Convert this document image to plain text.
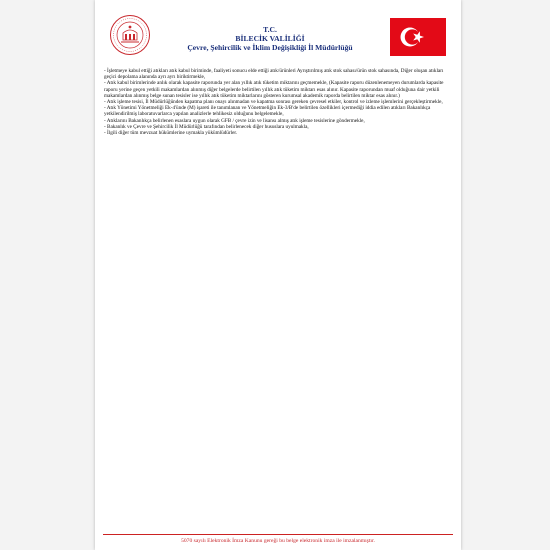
T.C.
BİLECİK VALİLİĞİ
Çevre, Şehircilik ve İklim Değişikliği İl Müdürlüğü

- İşletmeye kabul ettiği atıkları atık kabul biriminde, faaliyeti sonucu elde ettiği atık/ürünleri Ayrıştırılmış atık stok sahası/ürün stok sahasında, Diğer oluşan atıkları geçici depolama alanında ayrı ayrı biriktirmekle,

- Atık kabul birimlerinde anlık olarak kapasite raporunda yer alan yıllık atık tüketim miktarını geçmemekle, (Kapasite raporu düzenlenemeyen durumlarda kapasite raporu yerine geçen yetkili makamlardan alınmış diğer belgelerde belirtilen yıllık atık tüketim miktarı esas alınır. Kapasite raporundan muaf olduğuna dair yetkili makamlardan alınmış belge sunan tesisler ise yıllık atık tüketim miktarlarını gösteren kurumsal akademik raporda belirtilen miktar esas alınır.)

- Atık işleme tesisi, İl Müdürlüğünden kapatma planı onayı alınmadan ve kapatma sonrası gereken çevresel etkiler, kontrol ve izleme işlemlerini gerçekleştirmekle,

- Atık Yönetimi Yönetmeliği Ek-4'ünde (M) işareti ile tanımlanan ve Yönetmeliğin Ek-3/B'de belirtilen özellikleri içermediği iddia edilen atıkları Bakanlıkça yetkilendirilmiş laboratuvarlarca yapılan analizlerle tehlikesiz olduğunu belgelemekle,

- Atıklarını Bakanlıkça belirlenen esaslara uygun olarak GFB / çevre izin ve lisansı almış atık işleme tesislerine göndermekle,

- Bakanlık ve Çevre ve Şehircilik İl Müdürlüğü tarafından belirlenecek diğer hususlara uyulmakla,

- İlgili diğer tüm mevzuat hükümlerine uymakla yükümlüdürler.

5070 sayılı Elektronik İmza Kanunu gereği bu belge elektronik imza ile imzalanmıştır.
